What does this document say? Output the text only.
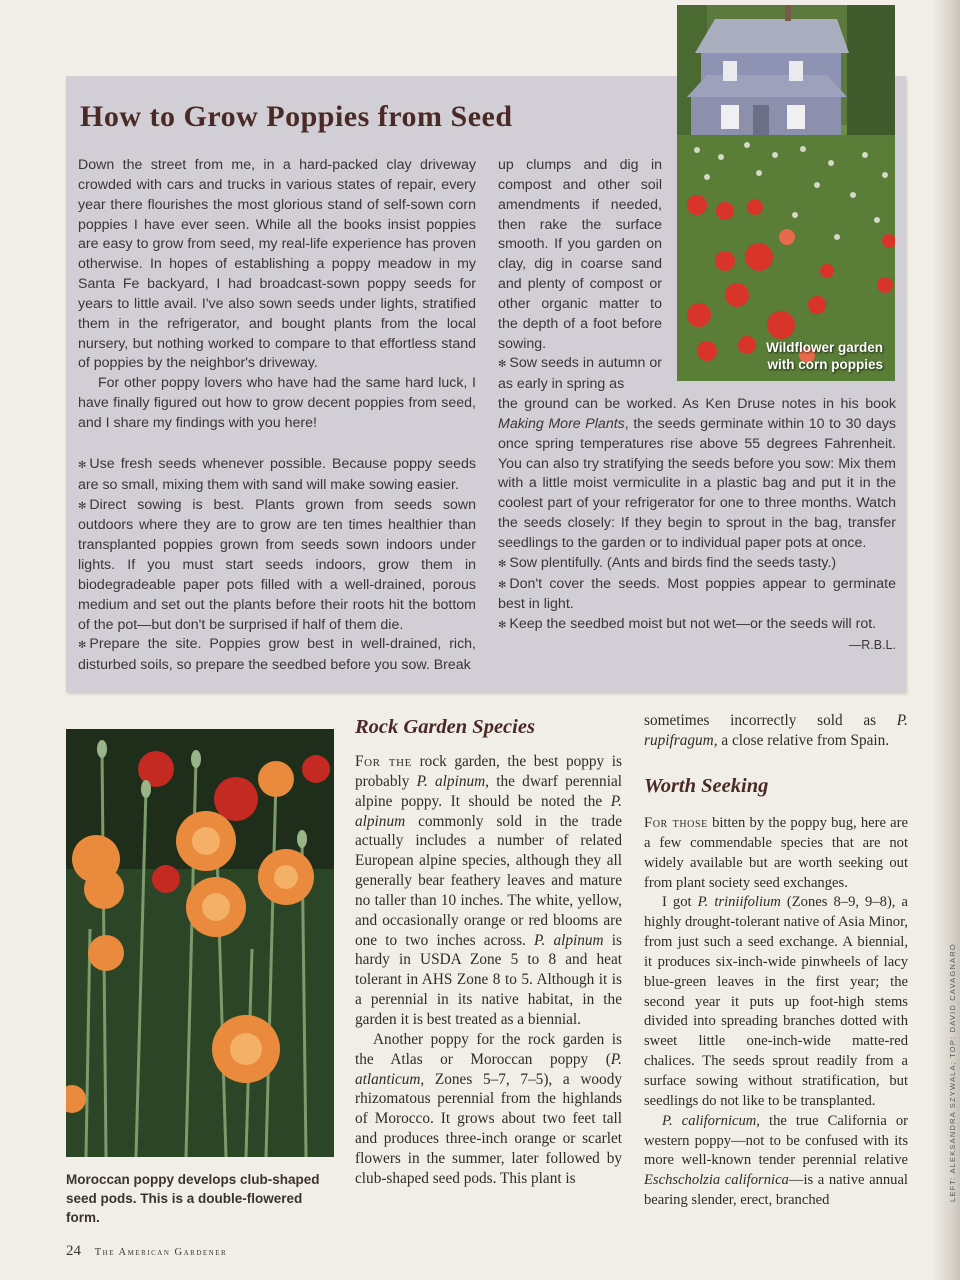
How to Grow Poppies from Seed

Down the street from me, in a hard-packed clay driveway crowded with cars and trucks in various states of repair, every year there flourishes the most glorious stand of self-sown corn poppies I have ever seen. While all the books insist poppies are easy to grow from seed, my real-life experience has proven otherwise. In hopes of establishing a poppy meadow in my Santa Fe backyard, I had broadcast-sown poppy seeds for years to little avail. I've also sown seeds under lights, stratified them in the refrigerator, and bought plants from the local nursery, but nothing worked to compare to that effortless stand of poppies by the neighbor's driveway.

For other poppy lovers who have had the same hard luck, I have finally figured out how to grow decent poppies from seed, and I share my findings with you here!

✻ Use fresh seeds whenever possible. Because poppy seeds are so small, mixing them with sand will make sowing easier.

✻ Direct sowing is best. Plants grown from seeds sown outdoors where they are to grow are ten times healthier than transplanted poppies grown from seeds sown indoors under lights. If you must start seeds indoors, grow them in biodegradeable paper pots filled with a well-drained, porous medium and set out the plants before their roots hit the bottom of the pot—but don't be surprised if half of them die.

✻ Prepare the site. Poppies grow best in well-drained, rich, disturbed soils, so prepare the seedbed before you sow. Break

up clumps and dig in compost and other soil amendments if needed, then rake the surface smooth. If you garden on clay, dig in coarse sand and plenty of compost or other organic matter to the depth of a foot before sowing.

✻ Sow seeds in autumn or as early in spring as

the ground can be worked. As Ken Druse notes in his book Making More Plants, the seeds germinate within 10 to 30 days once spring temperatures rise above 55 degrees Fahrenheit. You can also try stratifying the seeds before you sow: Mix them with a little moist vermiculite in a plastic bag and put it in the coolest part of your refrigerator for one to three months. Watch the seeds closely: If they begin to sprout in the bag, transfer seedlings to the garden or to individual paper pots at once.

✻ Sow plentifully. (Ants and birds find the seeds tasty.)

✻ Don't cover the seeds. Most poppies appear to germinate best in light.

✻ Keep the seedbed moist but not wet—or the seeds will rot.

—R.B.L.

Wildflower garden
with corn poppies
Moroccan poppy develops club-shaped seed pods. This is a double-flowered form.
Rock Garden Species

For the rock garden, the best poppy is probably P. alpinum, the dwarf perennial alpine poppy. It should be noted the P. alpinum commonly sold in the trade actually includes a number of related European alpine species, although they all generally bear feathery leaves and mature no taller than 10 inches. The white, yellow, and occasionally orange or red blooms are one to two inches across. P. alpinum is hardy in USDA Zone 5 to 8 and heat tolerant in AHS Zone 8 to 5. Although it is a perennial in its native habitat, in the garden it is best treated as a biennial.

Another poppy for the rock garden is the Atlas or Moroccan poppy (P. atlanticum, Zones 5–7, 7–5), a woody rhizomatous perennial from the highlands of Morocco. It grows about two feet tall and produces three-inch orange or scarlet flowers in the summer, later followed by club-shaped seed pods. This plant is

sometimes incorrectly sold as P. rupifragum, a close relative from Spain.

Worth Seeking

For those bitten by the poppy bug, here are a few commendable species that are not widely available but are worth seeking out from plant society seed exchanges.

I got P. triniifolium (Zones 8–9, 9–8), a highly drought-tolerant native of Asia Minor, from just such a seed exchange. A biennial, it produces six-inch-wide pinwheels of lacy blue-green leaves in the first year; the second year it puts up foot-high stems divided into spreading branches dotted with sweet little one-inch-wide matte-red chalices. The seeds sprout readily from a surface sowing without stratification, but seedlings do not like to be transplanted.

P. californicum, the true California or western poppy—not to be confused with its more well-known tender perennial relative Eschscholzia californica—is a native annual bearing slender, erect, branched

24 The American Gardener
LEFT: ALEKSANDRA SZYWALA; TOP: DAVID CAVAGNARO
